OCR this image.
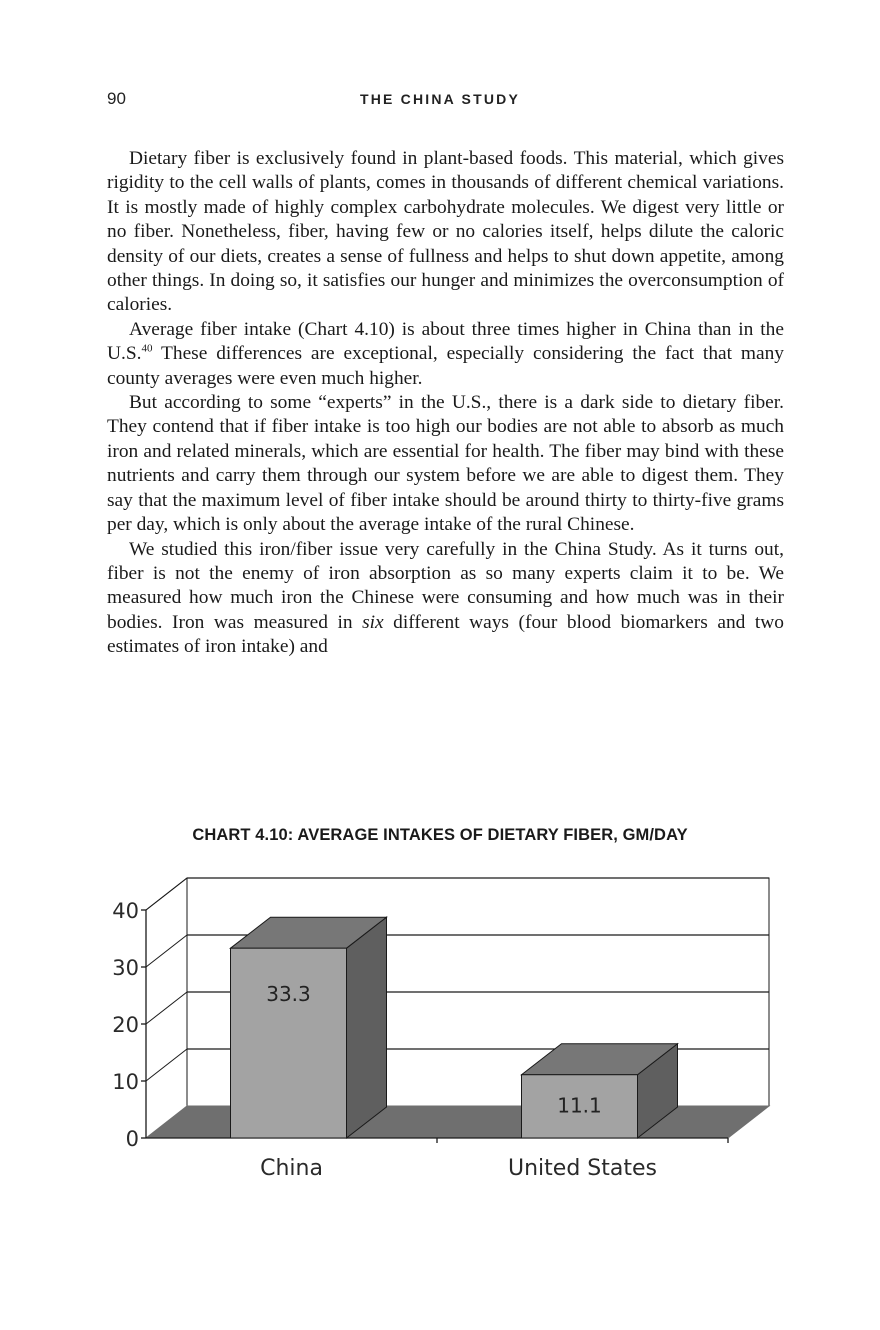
90	THE CHINA STUDY

Dietary fiber is exclusively found in plant-based foods. This material, which gives rigidity to the cell walls of plants, comes in thousands of different chemical variations. It is mostly made of highly complex carbohydrate molecules. We digest very little or no fiber. Nonetheless, fiber, having few or no calories itself, helps dilute the caloric density of our diets, creates a sense of fullness and helps to shut down appetite, among other things. In doing so, it satisfies our hunger and minimizes the overconsumption of calories.

Average fiber intake (Chart 4.10) is about three times higher in China than in the U.S.$^{40}$ These differences are exceptional, especially considering the fact that many county averages were even much higher.

But according to some “experts” in the U.S., there is a dark side to dietary fiber. They contend that if fiber intake is too high our bodies are not able to absorb as much iron and related minerals, which are essential for health. The fiber may bind with these nutrients and carry them through our system before we are able to digest them. They say that the maximum level of fiber intake should be around thirty to thirty-five grams per day, which is only about the average intake of the rural Chinese.

We studied this iron/fiber issue very carefully in the China Study. As it turns out, fiber is not the enemy of iron absorption as so many experts claim it to be. We measured how much iron the Chinese were consuming and how much was in their bodies. Iron was measured in six different ways (four blood biomarkers and two estimates of iron intake) and

CHART 4.10: AVERAGE INTAKES OF DIETARY FIBER, GM/DAY
0
10
20
30
40
33.3
China
11.1
United States
